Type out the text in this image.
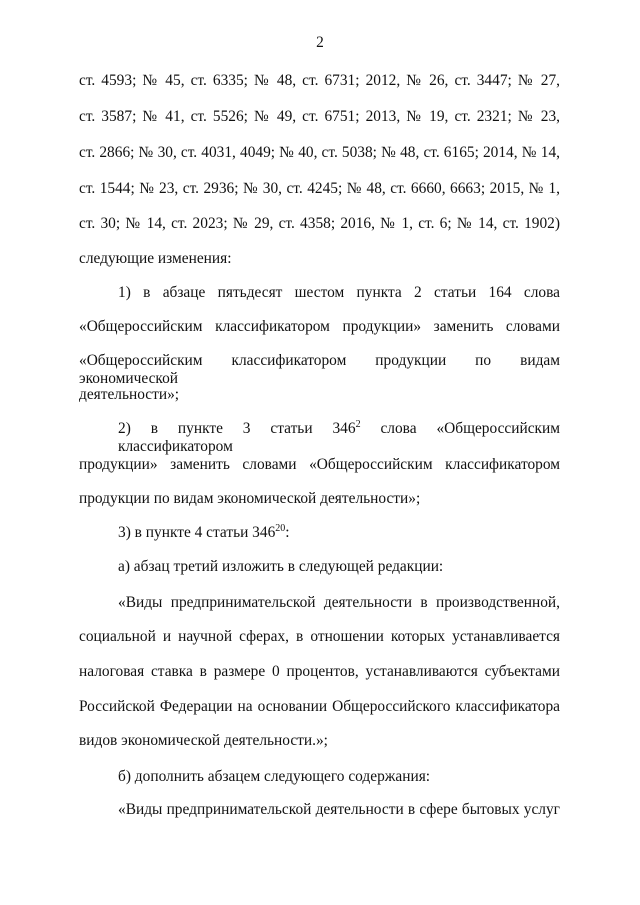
2
ст. 4593; № 45, ст. 6335; № 48, ст. 6731; 2012, № 26, ст. 3447; № 27,
ст. 3587; № 41, ст. 5526; № 49, ст. 6751; 2013, № 19, ст. 2321; № 23,
ст. 2866; № 30, ст. 4031, 4049; № 40, ст. 5038; № 48, ст. 6165; 2014, № 14,
ст. 1544; № 23, ст. 2936; № 30, ст. 4245; № 48, ст. 6660, 6663; 2015, № 1,
ст. 30; № 14, ст. 2023; № 29, ст. 4358; 2016, № 1, ст. 6; № 14, ст. 1902)
следующие изменения:
1) в абзаце пятьдесят шестом пункта 2 статьи 164 слова
«Общероссийским классификатором продукции» заменить словами
«Общероссийским классификатором продукции по видам экономической
деятельности»;
2) в пункте 3 статьи $346^2$ слова «Общероссийским классификатором
продукции» заменить словами «Общероссийским классификатором
продукции по видам экономической деятельности»;
3) в пункте 4 статьи $346^{20}$:
а) абзац третий изложить в следующей редакции:
«Виды предпринимательской деятельности в производственной,
социальной и научной сферах, в отношении которых устанавливается
налоговая ставка в размере 0 процентов, устанавливаются субъектами
Российской Федерации на основании Общероссийского классификатора
видов экономической деятельности.»;
б) дополнить абзацем следующего содержания:
«Виды предпринимательской деятельности в сфере бытовых услуг
